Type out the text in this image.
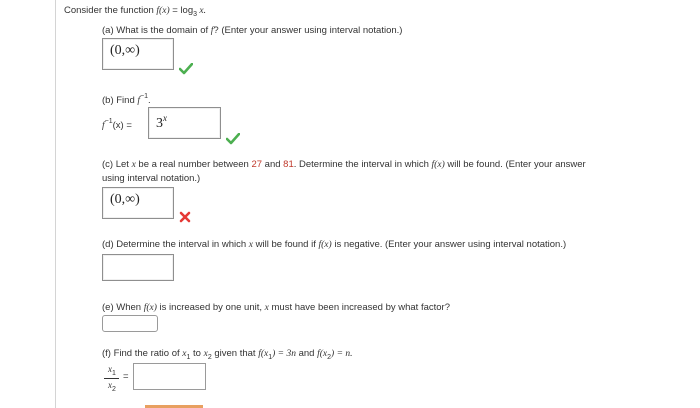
Consider the function $f(x) = \log_3 x$.
(a) What is the domain of f? (Enter your answer using interval notation.)
(0,∞)
(b) Find $f^{-1}$.
$f^{-1}(x) = 3^x$
(c) Let x be a real number between 27 and 81. Determine the interval in which f(x) will be found. (Enter your answer
using interval notation.)
(0,∞)
(d) Determine the interval in which x will be found if f(x) is negative. (Enter your answer using interval notation.)
(e) When f(x) is increased by one unit, x must have been increased by what factor?
(f) Find the ratio of $x_1$ to $x_2$ given that $f(x_1) = 3n$ and $f(x_2) = n$.
$x_1$
$x_2$
=
